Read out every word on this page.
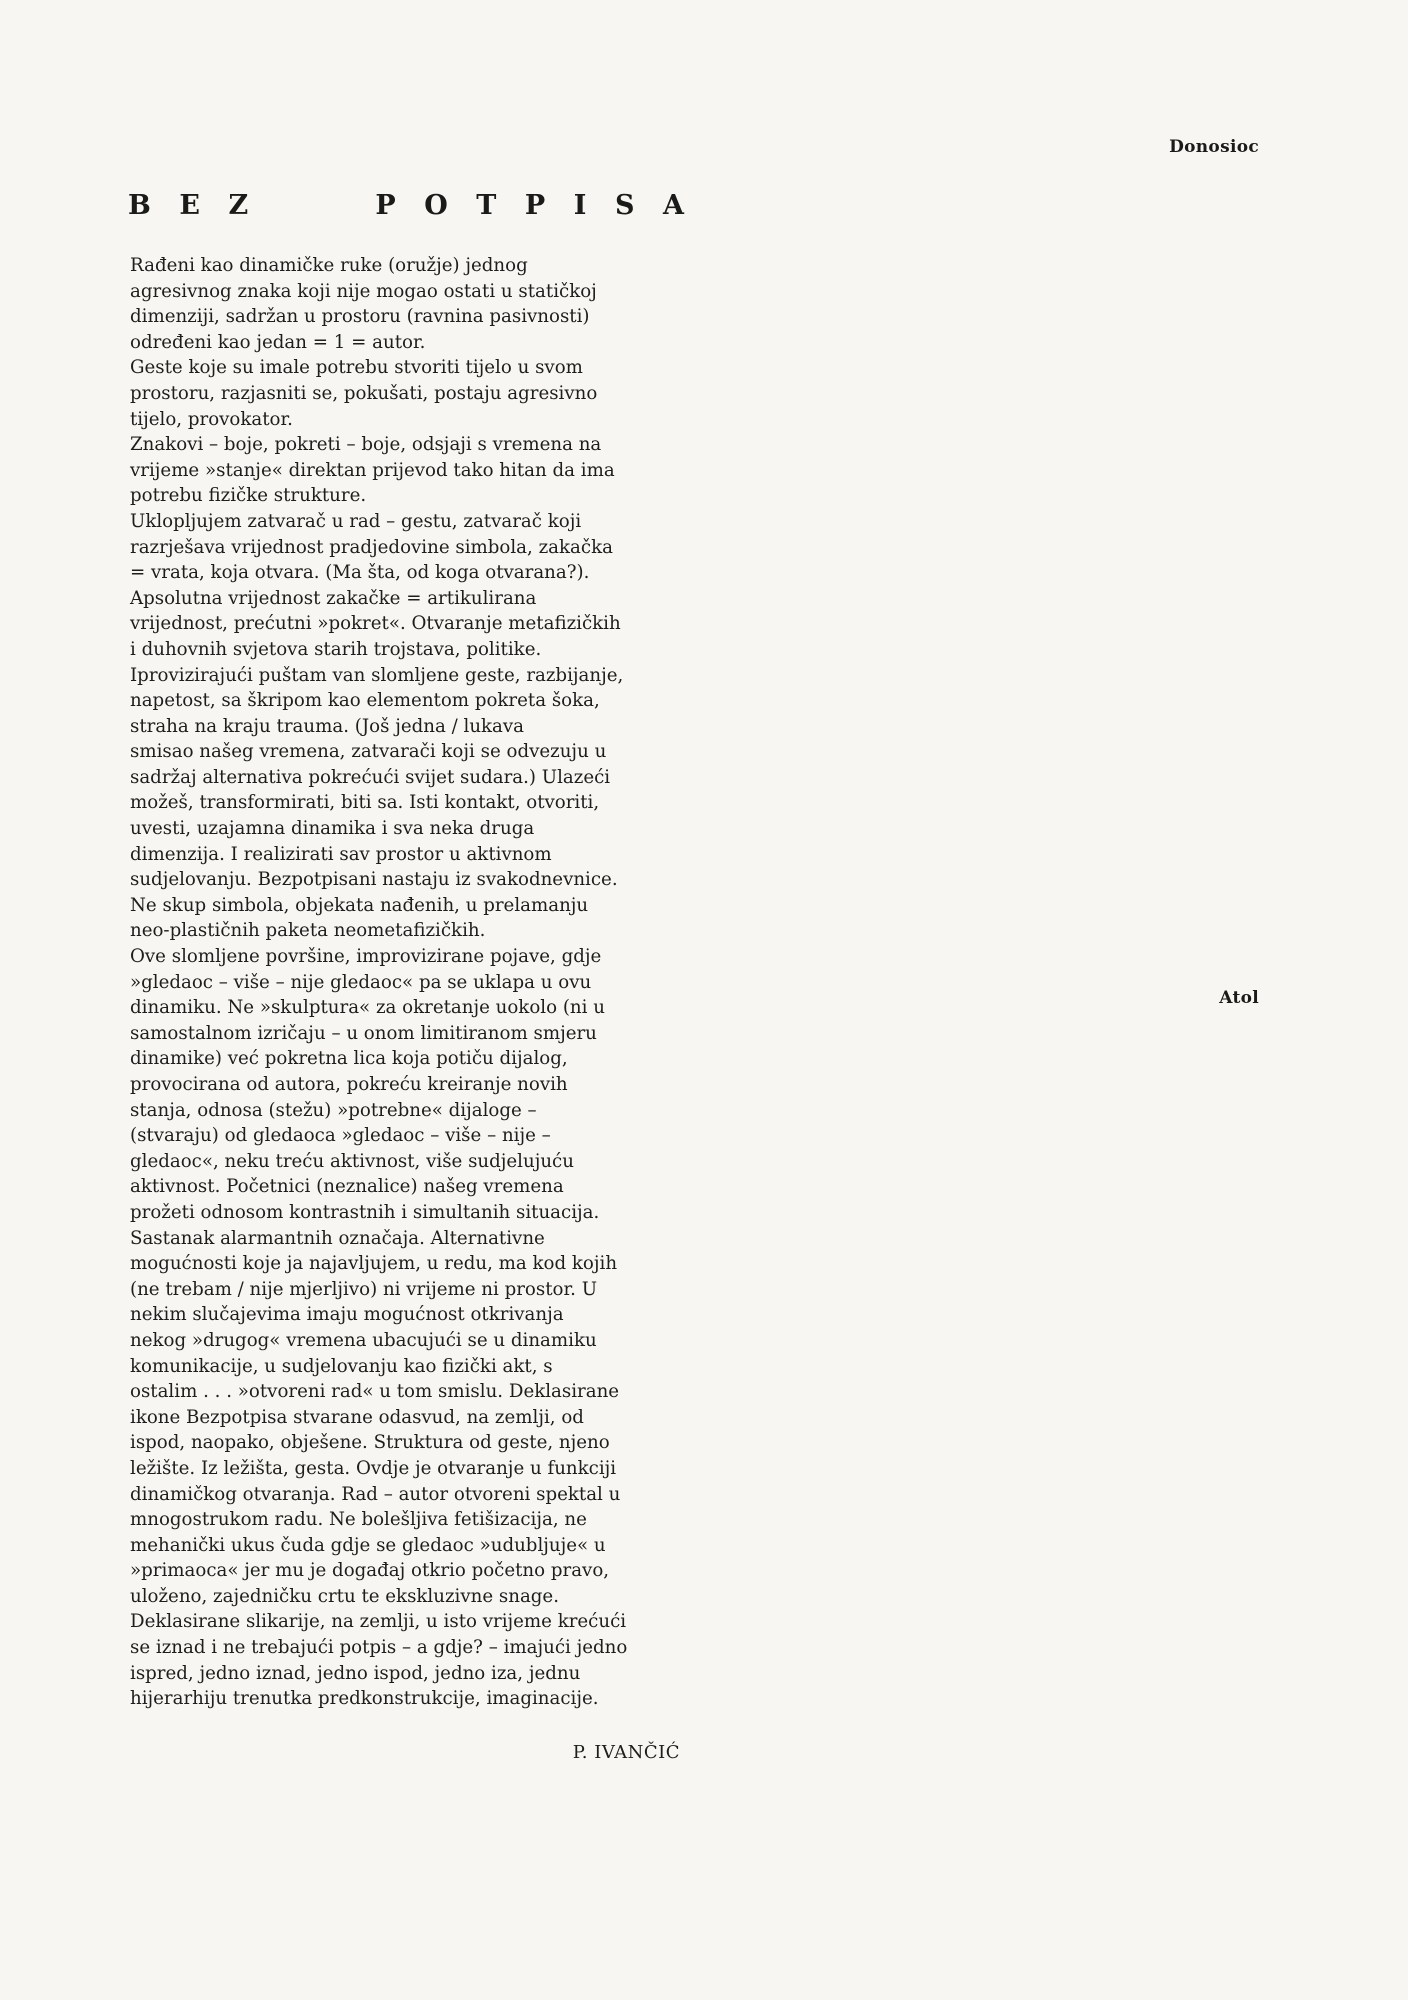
Donosioc
B E Z	P O T P I S A
Rađeni kao dinamičke ruke (oružje) jednog
agresivnog znaka koji nije mogao ostati u statičkoj
dimenziji, sadržan u prostoru (ravnina pasivnosti)
određeni kao jedan = 1 = autor.
Geste koje su imale potrebu stvoriti tijelo u svom
prostoru, razjasniti se, pokušati, postaju agresivno
tijelo, provokator.
Znakovi – boje, pokreti – boje, odsjaji s vremena na
vrijeme »stanje« direktan prijevod tako hitan da ima
potrebu fizičke strukture.
Uklopljujem zatvarač u rad – gestu, zatvarač koji
razrješava vrijednost pradjedovine simbola, zakačka
= vrata, koja otvara. (Ma šta, od koga otvarana?).
Apsolutna vrijednost zakačke = artikulirana
vrijednost, prećutni »pokret«. Otvaranje metafizičkih
i duhovnih svjetova starih trojstava, politike.
Iprovizirajući puštam van slomljene geste, razbijanje,
napetost, sa škripom kao elementom pokreta šoka,
straha na kraju trauma. (Još jedna / lukava
smisao našeg vremena, zatvarači koji se odvezuju u
sadržaj alternativa pokrećući svijet sudara.) Ulazeći
možeš, transformirati, biti sa. Isti kontakt, otvoriti,
uvesti, uzajamna dinamika i sva neka druga
dimenzija. I realizirati sav prostor u aktivnom
sudjelovanju. Bezpotpisani nastaju iz svakodnevnice.
Ne skup simbola, objekata nađenih, u prelamanju
neo-plastičnih paketa neometafizičkih.
Ove slomljene površine, improvizirane pojave, gdje
»gledaoc – više – nije gledaoc« pa se uklapa u ovu
dinamiku. Ne »skulptura« za okretanje uokolo (ni u
samostalnom izričaju – u onom limitiranom smjeru
dinamike) već pokretna lica koja potiču dijalog,
provocirana od autora, pokreću kreiranje novih
stanja, odnosa (stežu) »potrebne« dijaloge –
(stvaraju) od gledaoca »gledaoc – više – nije –
gledaoc«, neku treću aktivnost, više sudjelujuću
aktivnost. Početnici (neznalice) našeg vremena
prožeti odnosom kontrastnih i simultanih situacija.
Sastanak alarmantnih označaja. Alternativne
mogućnosti koje ja najavljujem, u redu, ma kod kojih
(ne trebam / nije mjerljivo) ni vrijeme ni prostor. U
nekim slučajevima imaju mogućnost otkrivanja
nekog »drugog« vremena ubacujući se u dinamiku
komunikacije, u sudjelovanju kao fizički akt, s
ostalim . . . »otvoreni rad« u tom smislu. Deklasirane
ikone Bezpotpisa stvarane odasvud, na zemlji, od
ispod, naopako, obješene. Struktura od geste, njeno
ležište. Iz ležišta, gesta. Ovdje je otvaranje u funkciji
dinamičkog otvaranja. Rad – autor otvoreni spektal u
mnogostrukom radu. Ne bolešljiva fetišizacija, ne
mehanički ukus čuda gdje se gledaoc »udubljuje« u
»primaoca« jer mu je događaj otkrio početno pravo,
uloženo, zajedničku crtu te ekskluzivne snage.
Deklasirane slikarije, na zemlji, u isto vrijeme krećući
se iznad i ne trebajući potpis – a gdje? – imajući jedno
ispred, jedno iznad, jedno ispod, jedno iza, jednu
hijerarhiju trenutka predkonstrukcije, imaginacije.
Atol
P. IVANČIĆ
